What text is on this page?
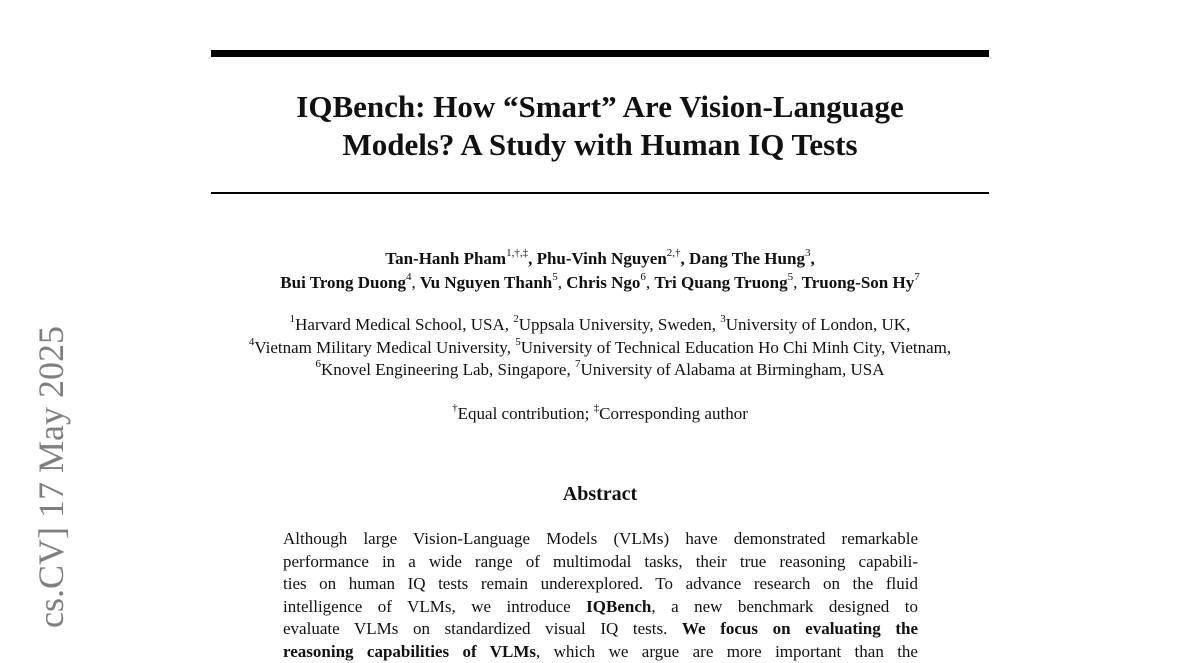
cs.CV] 17 May 2025
IQBench: How “Smart” Are Vision-Language
Models? A Study with Human IQ Tests
Tan-Hanh Pham$^{1,\dagger,\ddagger}$, Phu-Vinh Nguyen$^{2,\dagger}$, Dang The Hung$^3$,
Bui Trong Duong$^4$, Vu Nguyen Thanh$^5$, Chris Ngo$^6$, Tri Quang Truong$^5$, Truong-Son Hy$^7$
$^1$Harvard Medical School, USA, $^2$Uppsala University, Sweden, $^3$University of London, UK,
$^4$Vietnam Military Medical University, $^5$University of Technical Education Ho Chi Minh City, Vietnam,
$^6$Knovel Engineering Lab, Singapore, $^7$University of Alabama at Birmingham, USA
†Equal contribution; ‡Corresponding author
Abstract
Although large Vision-Language Models (VLMs) have demonstrated remarkable
performance in a wide range of multimodal tasks, their true reasoning capabili-
ties on human IQ tests remain underexplored. To advance research on the fluid
intelligence of VLMs, we introduce IQBench, a new benchmark designed to
evaluate VLMs on standardized visual IQ tests. We focus on evaluating the
reasoning capabilities of VLMs, which we argue are more important than the
